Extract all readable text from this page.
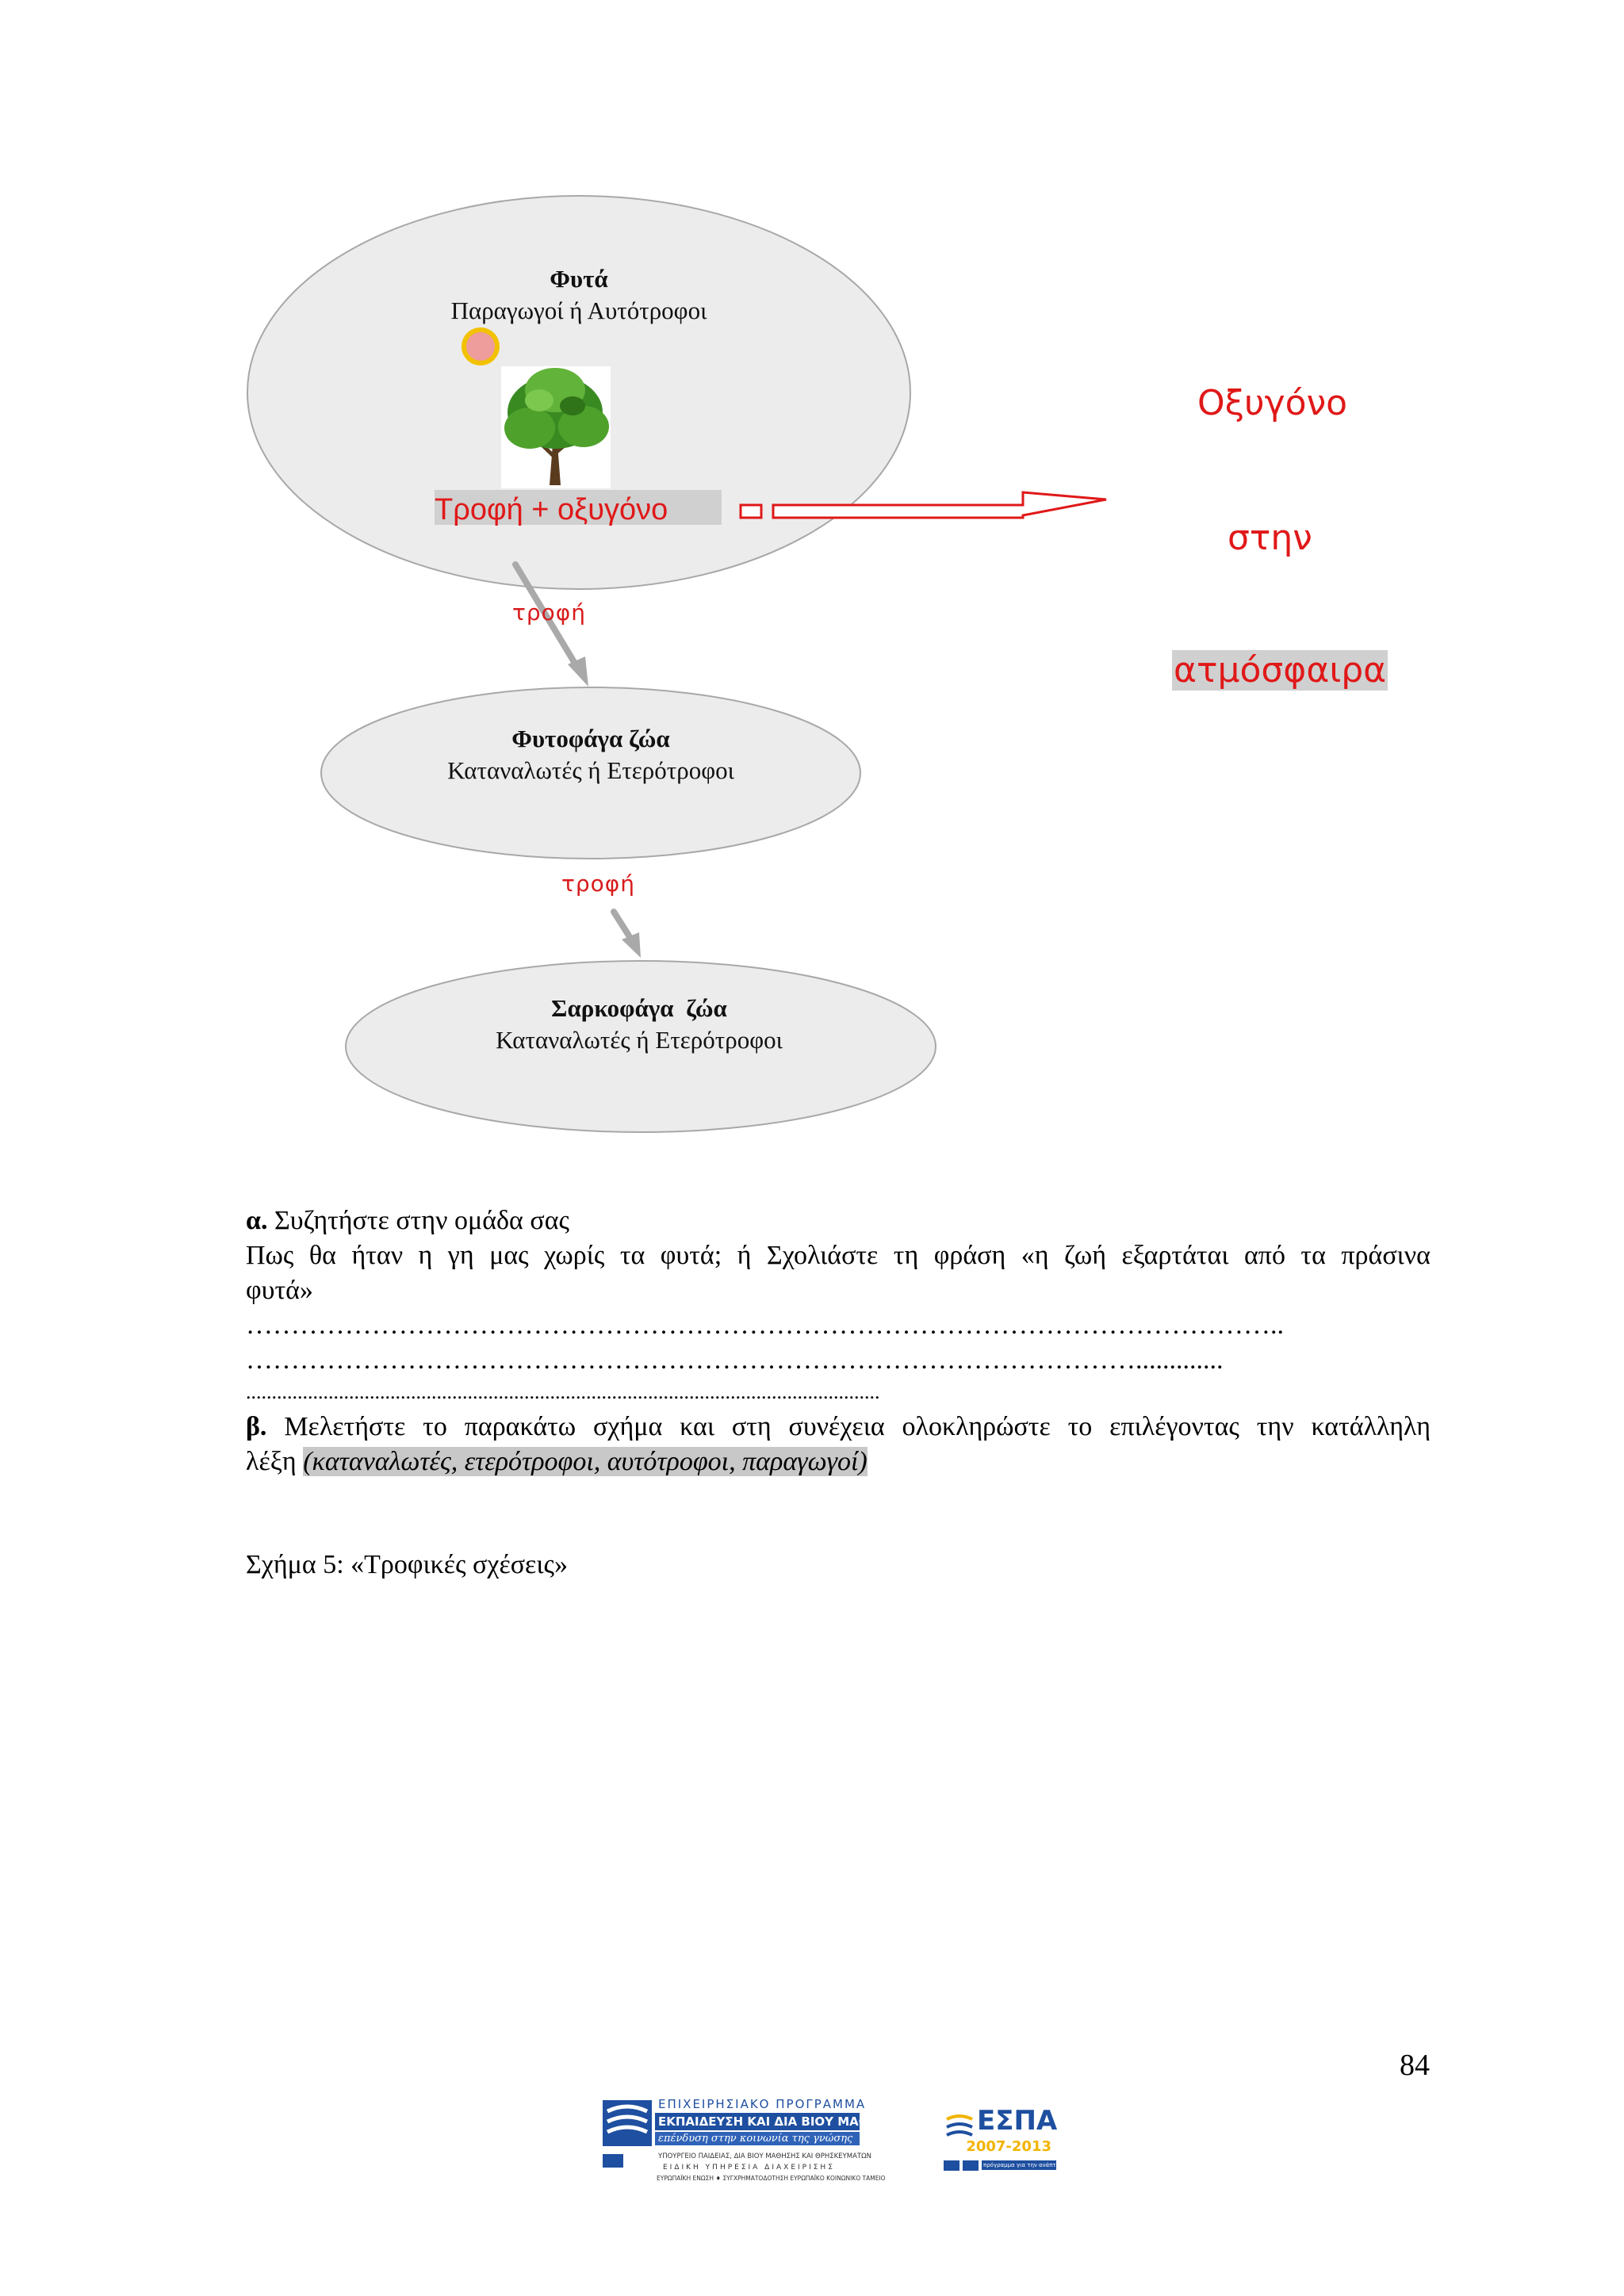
Φυτά
Παραγωγοί ή Αυτότροφοι
Τροφή + οξυγόνο
τροφή
Φυτοφάγα ζώα
Καταναλωτές ή Ετερότροφοι
τροφή
Σαρκοφάγα  ζώα
Καταναλωτές ή Ετερότροφοι
Οξυγόνο
στην
ατμόσφαιρα
α. Συζητήστε στην ομάδα σας
Πως θα ήταν η γη μας χωρίς τα φυτά; ή Σχολιάστε τη φράση «η ζωή εξαρτάται από τα πράσινα
φυτά»
……………………………………………………………………………………………………..
……………………………………………………………………………………….............
...........................................................................................................................
β. Μελετήστε το παρακάτω σχήμα και στη συνέχεια ολοκληρώστε το επιλέγοντας την κατάλληλη
λέξη (καταναλωτές, ετερότροφοι, αυτότροφοι, παραγωγοί)
Σχήμα 5: «Τροφικές σχέσεις»
84
ΕΠΙΧΕΙΡΗΣΙΑΚΟ ΠΡΟΓΡΑΜΜΑ
ΕΚΠΑΙΔΕΥΣΗ ΚΑΙ ΔΙΑ ΒΙΟΥ ΜΑΘΗΣΗ
επένδυση στην κοινωνία της γνώσης
ΥΠΟΥΡΓΕΙΟ ΠΑΙΔΕΙΑΣ, ΔΙΑ ΒΙΟΥ ΜΑΘΗΣΗΣ ΚΑΙ ΘΡΗΣΚΕΥΜΑΤΩΝ
ΕΙΔΙΚΗ ΥΠΗΡΕΣΙΑ ΔΙΑΧΕΙΡΙΣΗΣ
ΕΥΡΩΠΑΪΚΗ ΕΝΩΣΗ ♦ ΣΥΓΧΡΗΜΑΤΟΔΟΤΗΣΗ ΕΥΡΩΠΑΪΚΟ ΚΟΙΝΩΝΙΚΟ ΤΑΜΕΙΟ
ΕΣΠΑ
2007-2013
πρόγραμμα για την ανάπτυξη
